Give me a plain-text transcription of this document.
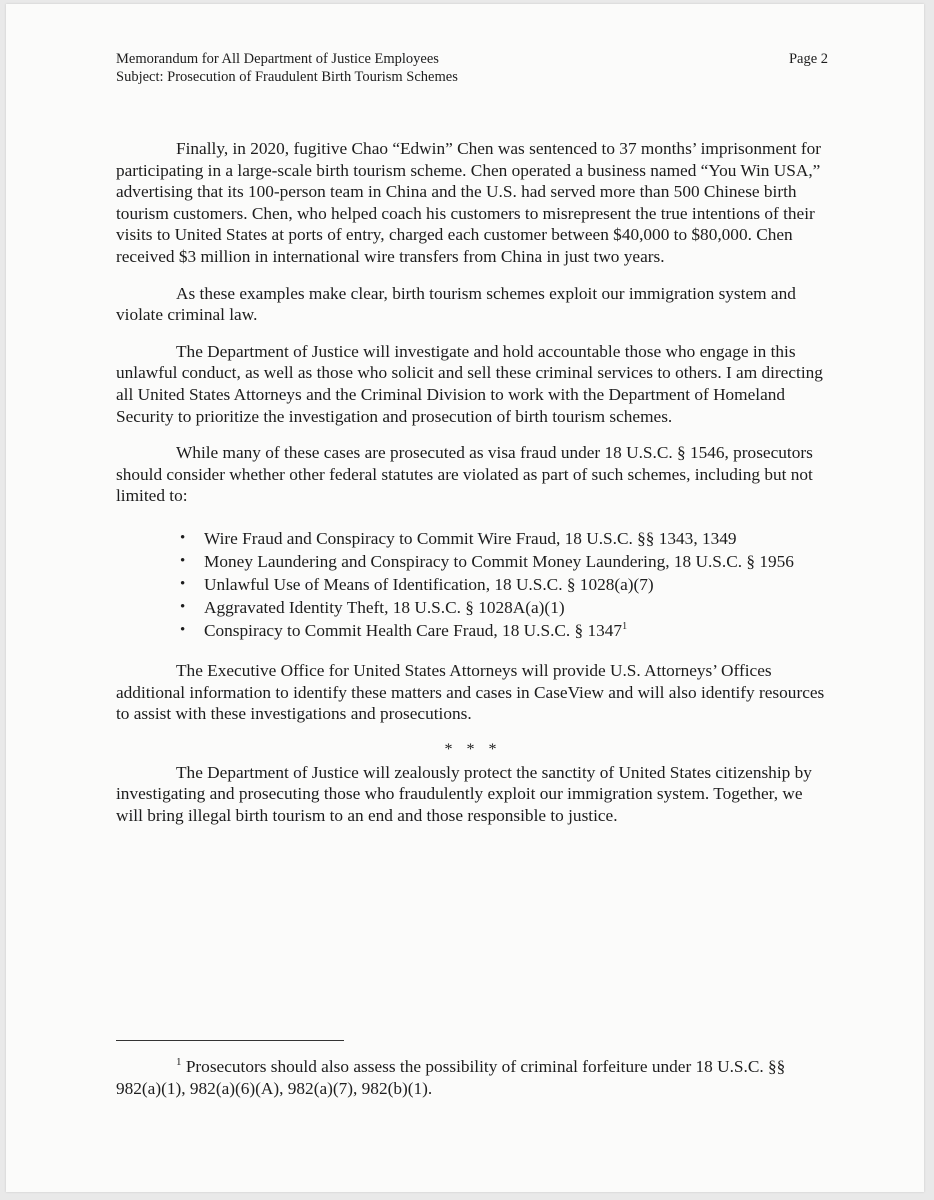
Memorandum for All Department of Justice Employees
Subject: Prosecution of Fraudulent Birth Tourism Schemes
Page 2

Finally, in 2020, fugitive Chao “Edwin” Chen was sentenced to 37 months’ imprisonment for participating in a large-scale birth tourism scheme. Chen operated a business named “You Win USA,” advertising that its 100-person team in China and the U.S. had served more than 500 Chinese birth tourism customers. Chen, who helped coach his customers to misrepresent the true intentions of their visits to United States at ports of entry, charged each customer between $40,000 to $80,000. Chen received $3 million in international wire transfers from China in just two years.

As these examples make clear, birth tourism schemes exploit our immigration system and violate criminal law.

The Department of Justice will investigate and hold accountable those who engage in this unlawful conduct, as well as those who solicit and sell these criminal services to others. I am directing all United States Attorneys and the Criminal Division to work with the Department of Homeland Security to prioritize the investigation and prosecution of birth tourism schemes.

While many of these cases are prosecuted as visa fraud under 18 U.S.C. § 1546, prosecutors should consider whether other federal statutes are violated as part of such schemes, including but not limited to:

• Wire Fraud and Conspiracy to Commit Wire Fraud, 18 U.S.C. §§ 1343, 1349
• Money Laundering and Conspiracy to Commit Money Laundering, 18 U.S.C. § 1956
• Unlawful Use of Means of Identification, 18 U.S.C. § 1028(a)(7)
• Aggravated Identity Theft, 18 U.S.C. § 1028A(a)(1)
• Conspiracy to Commit Health Care Fraud, 18 U.S.C. § 1347$^1$

The Executive Office for United States Attorneys will provide U.S. Attorneys’ Offices additional information to identify these matters and cases in CaseView and will also identify resources to assist with these investigations and prosecutions.

* * *

The Department of Justice will zealously protect the sanctity of United States citizenship by investigating and prosecuting those who fraudulently exploit our immigration system. Together, we will bring illegal birth tourism to an end and those responsible to justice.

$^1$ Prosecutors should also assess the possibility of criminal forfeiture under 18 U.S.C. §§ 982(a)(1), 982(a)(6)(A), 982(a)(7), 982(b)(1).
